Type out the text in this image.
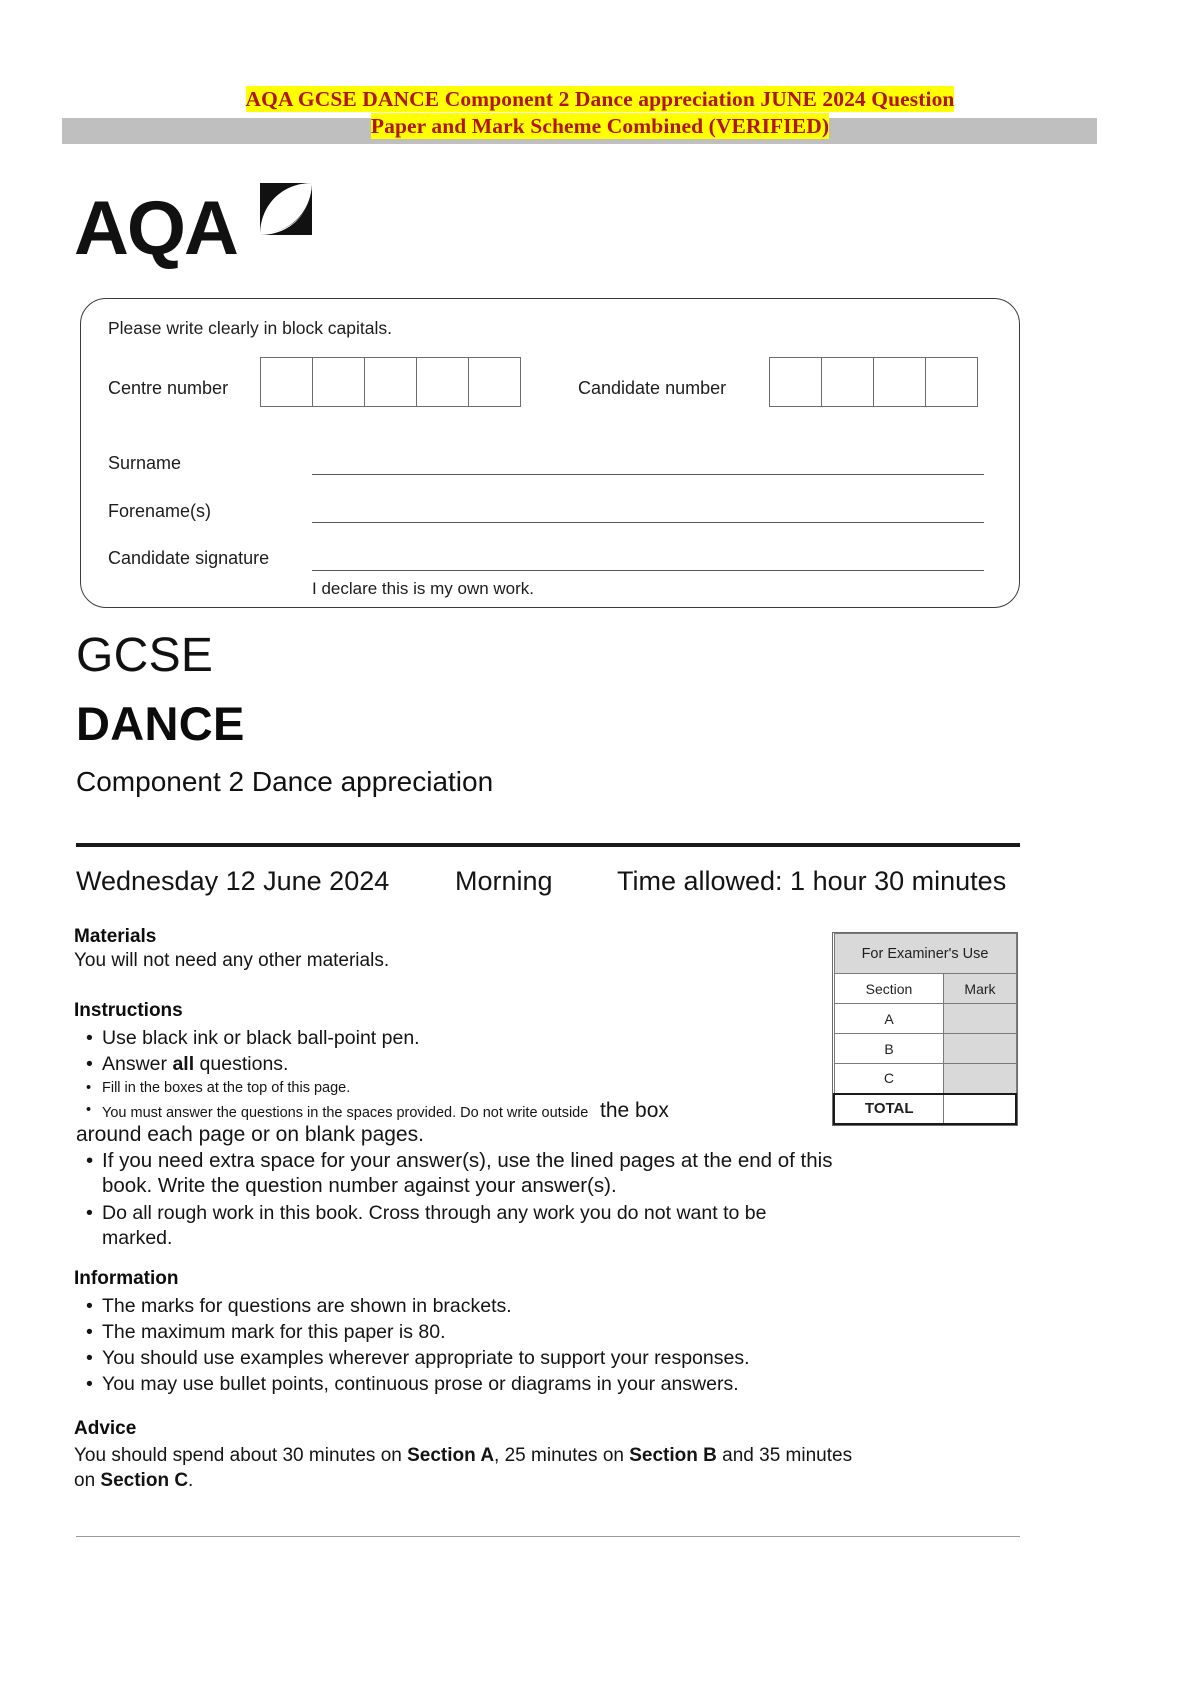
AQA GCSE DANCE Component 2 Dance appreciation JUNE 2024 Question
Paper and Mark Scheme Combined (VERIFIED)
AQA
Please write clearly in block capitals.
Centre number	Candidate number
Surname
Forename(s)
Candidate signature
I declare this is my own work.
GCSE
DANCE
Component 2 Dance appreciation
Wednesday 12 June 2024 Morning Time allowed: 1 hour 30 minutes
Materials
You will not need any other materials.
Instructions
• Use black ink or black ball-point pen.
• Answer all questions.
• Fill in the boxes at the top of this page.
• You must answer the questions in the spaces provided. Do not write outside  the box
around each page or on blank pages.
• If you need extra space for your answer(s), use the lined pages at the end of this book. Write the question number against your answer(s).
• Do all rough work in this book. Cross through any work you do not want to be marked.
Information
• The marks for questions are shown in brackets.
• The maximum mark for this paper is 80.
• You should use examples wherever appropriate to support your responses.
• You may use bullet points, continuous prose or diagrams in your answers.
Advice
You should spend about 30 minutes on Section A, 25 minutes on Section B and 35 minutes
on Section C.
For Examiner's Use	
Section	Mark
A	
B	
C	
TOTAL	
